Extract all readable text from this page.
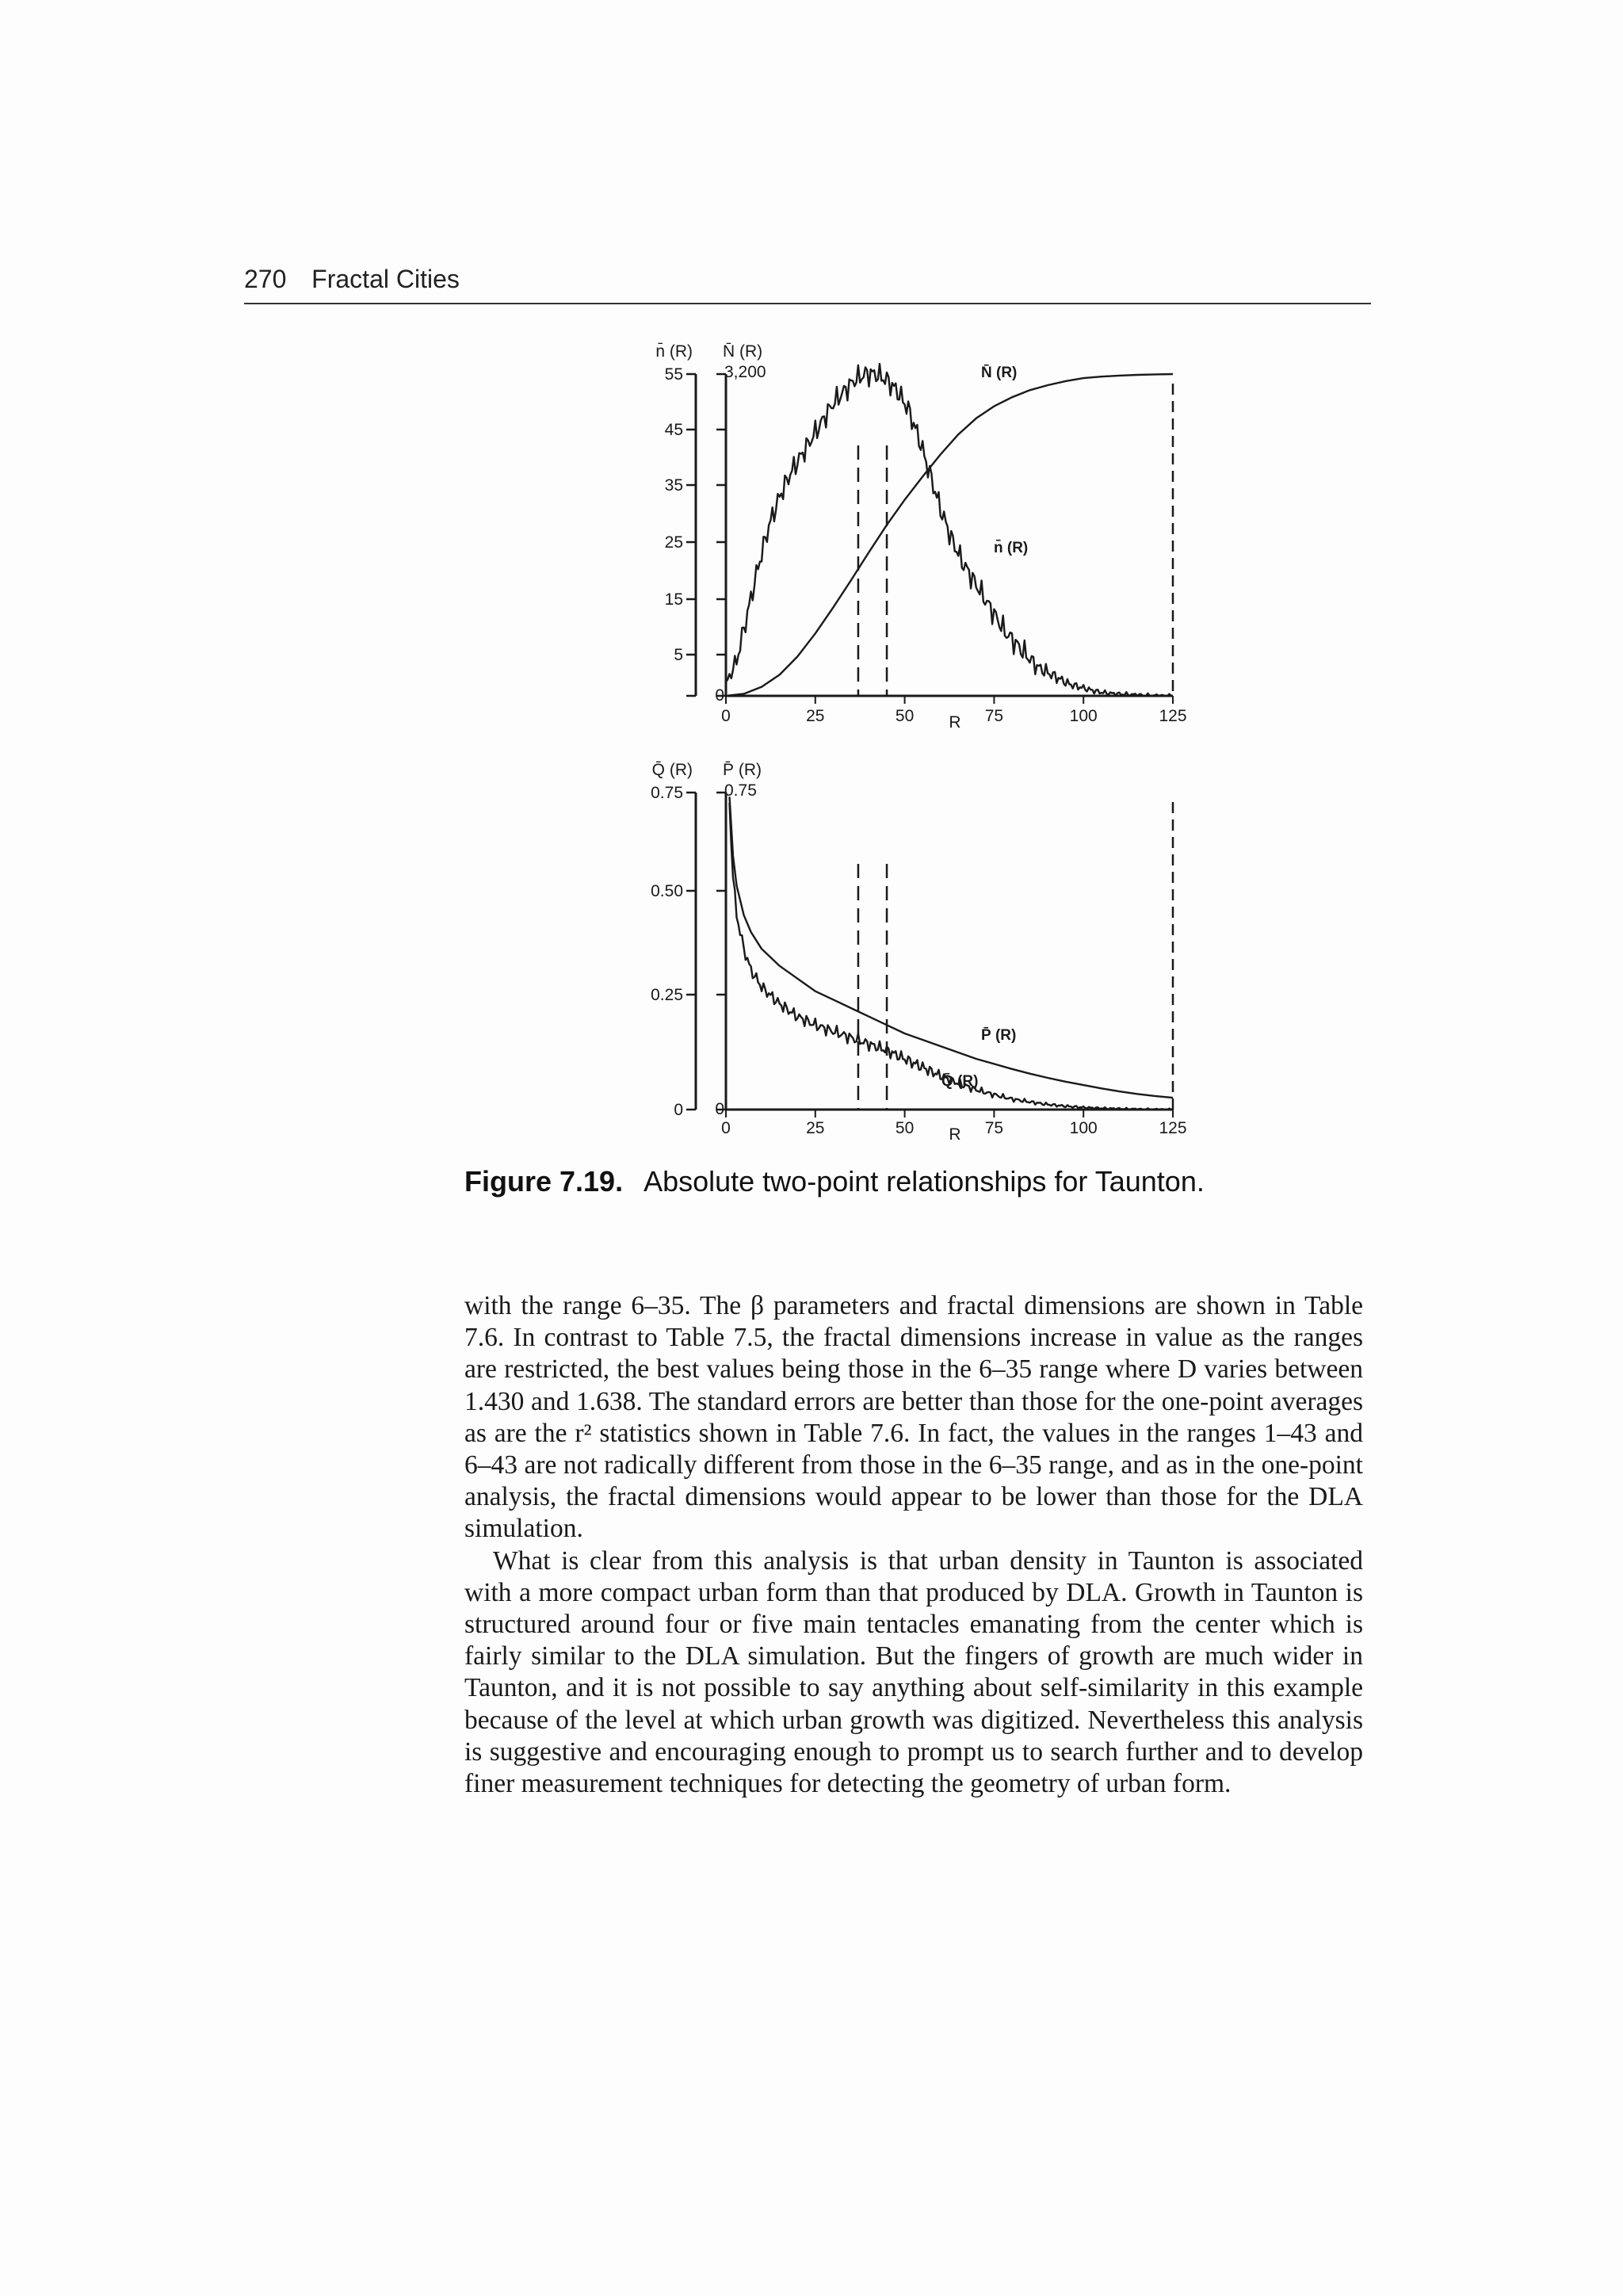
270 Fractal Cities
55
45
35
25
15
5
n̄ (R)
3,200
0
N̄ (R)
0	25	50	75	100	125
R
N̄ (R)
n̄ (R)
0.75
0.50
0.25
0
Q̄ (R)
0.75
0
P̄ (R)
0	25	50	75	100	125
R
P̄ (R)
Q̄ (R)
Figure 7.19. Absolute two-point relationships for Taunton.

with the range 6–35. The β parameters and fractal dimensions are shown in Table 7.6. In contrast to Table 7.5, the fractal dimensions increase in value as the ranges are restricted, the best values being those in the 6–35 range where D varies between 1.430 and 1.638. The standard errors are better than those for the one-point averages as are the r² statistics shown in Table 7.6. In fact, the values in the ranges 1–43 and 6–43 are not radically different from those in the 6–35 range, and as in the one-point analysis, the fractal dimensions would appear to be lower than those for the DLA simulation.

What is clear from this analysis is that urban density in Taunton is associated with a more compact urban form than that produced by DLA. Growth in Taunton is structured around four or five main tentacles emanating from the center which is fairly similar to the DLA simulation. But the fingers of growth are much wider in Taunton, and it is not possible to say anything about self-similarity in this example because of the level at which urban growth was digitized. Nevertheless this analysis is suggestive and encouraging enough to prompt us to search further and to develop finer measurement techniques for detecting the geometry of urban form.
